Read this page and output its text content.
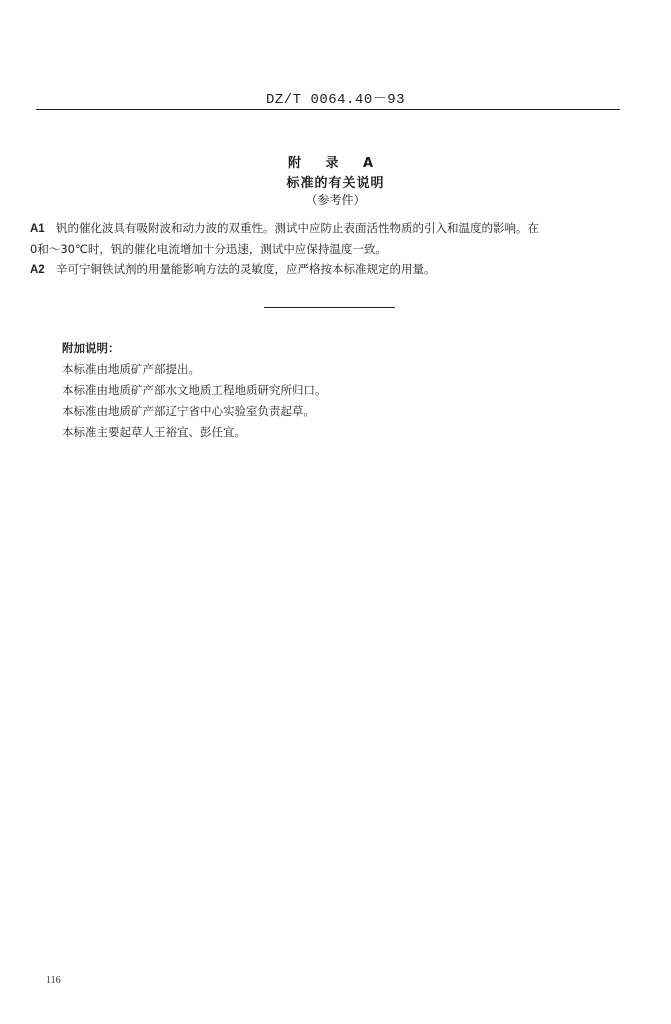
DZ/T 0064.40－93
附 录 A
标准的有关说明
（参考件）
A1 钒的催化波具有吸附波和动力波的双重性。测试中应防止表面活性物质的引入和温度的影响。在
0和～30℃时，钒的催化电流增加十分迅速，测试中应保持温度一致。
A2 辛可宁铜铁试剂的用量能影响方法的灵敏度，应严格按本标准规定的用量。
附加说明：
本标准由地质矿产部提出。
本标准由地质矿产部水文地质工程地质研究所归口。
本标准由地质矿产部辽宁省中心实验室负责起草。
本标准主要起草人王裕宜、彭任宜。
116
